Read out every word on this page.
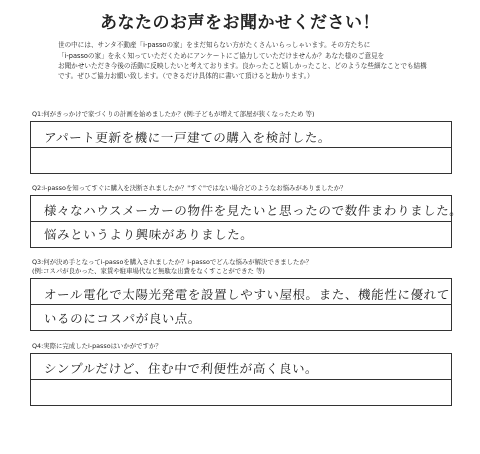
あなたのお声をお聞かせください！
世の中には、サンタ不動産「i-passoの家」をまだ知らない方がたくさんいらっしゃいます。その方たちに
「i-passoの家」を永く知っていただくためにアンケートにご協力していただけませんか？あなた様のご意見を
お聞かせいただき今後の活動に反映したいと考えております。良かったこと嬉しかったこと、どのような些細なことでも結構です。ぜひご協力お願い致します。（できるだけ具体的に書いて頂けると助かります。）
Q1:何がきっかけで家づくりの計画を始めましたか？(例:子どもが増えて部屋が狭くなったため 等)
アパート更新を機に一戸建ての購入を検討した。
Q2:i-passoを知ってすぐに購入を決断されましたか？"すぐ"ではない場合どのようなお悩みがありましたか？
様々なハウスメーカーの物件を見たいと思ったので数件まわりました。
悩みというより興味がありました。
Q3:何が決め手となってi-passoを購入されましたか？i-passoでどんな悩みが解決できましたか？
(例:コスパが良かった、家賃や駐車場代など無駄な出費をなくすことができた 等)
オール電化で太陽光発電を設置しやすい屋根。また、機能性に優れて
いるのにコスパが良い点。
Q4:実際に完成したi-passoはいかがですか？
シンプルだけど、住む中で利便性が高く良い。
